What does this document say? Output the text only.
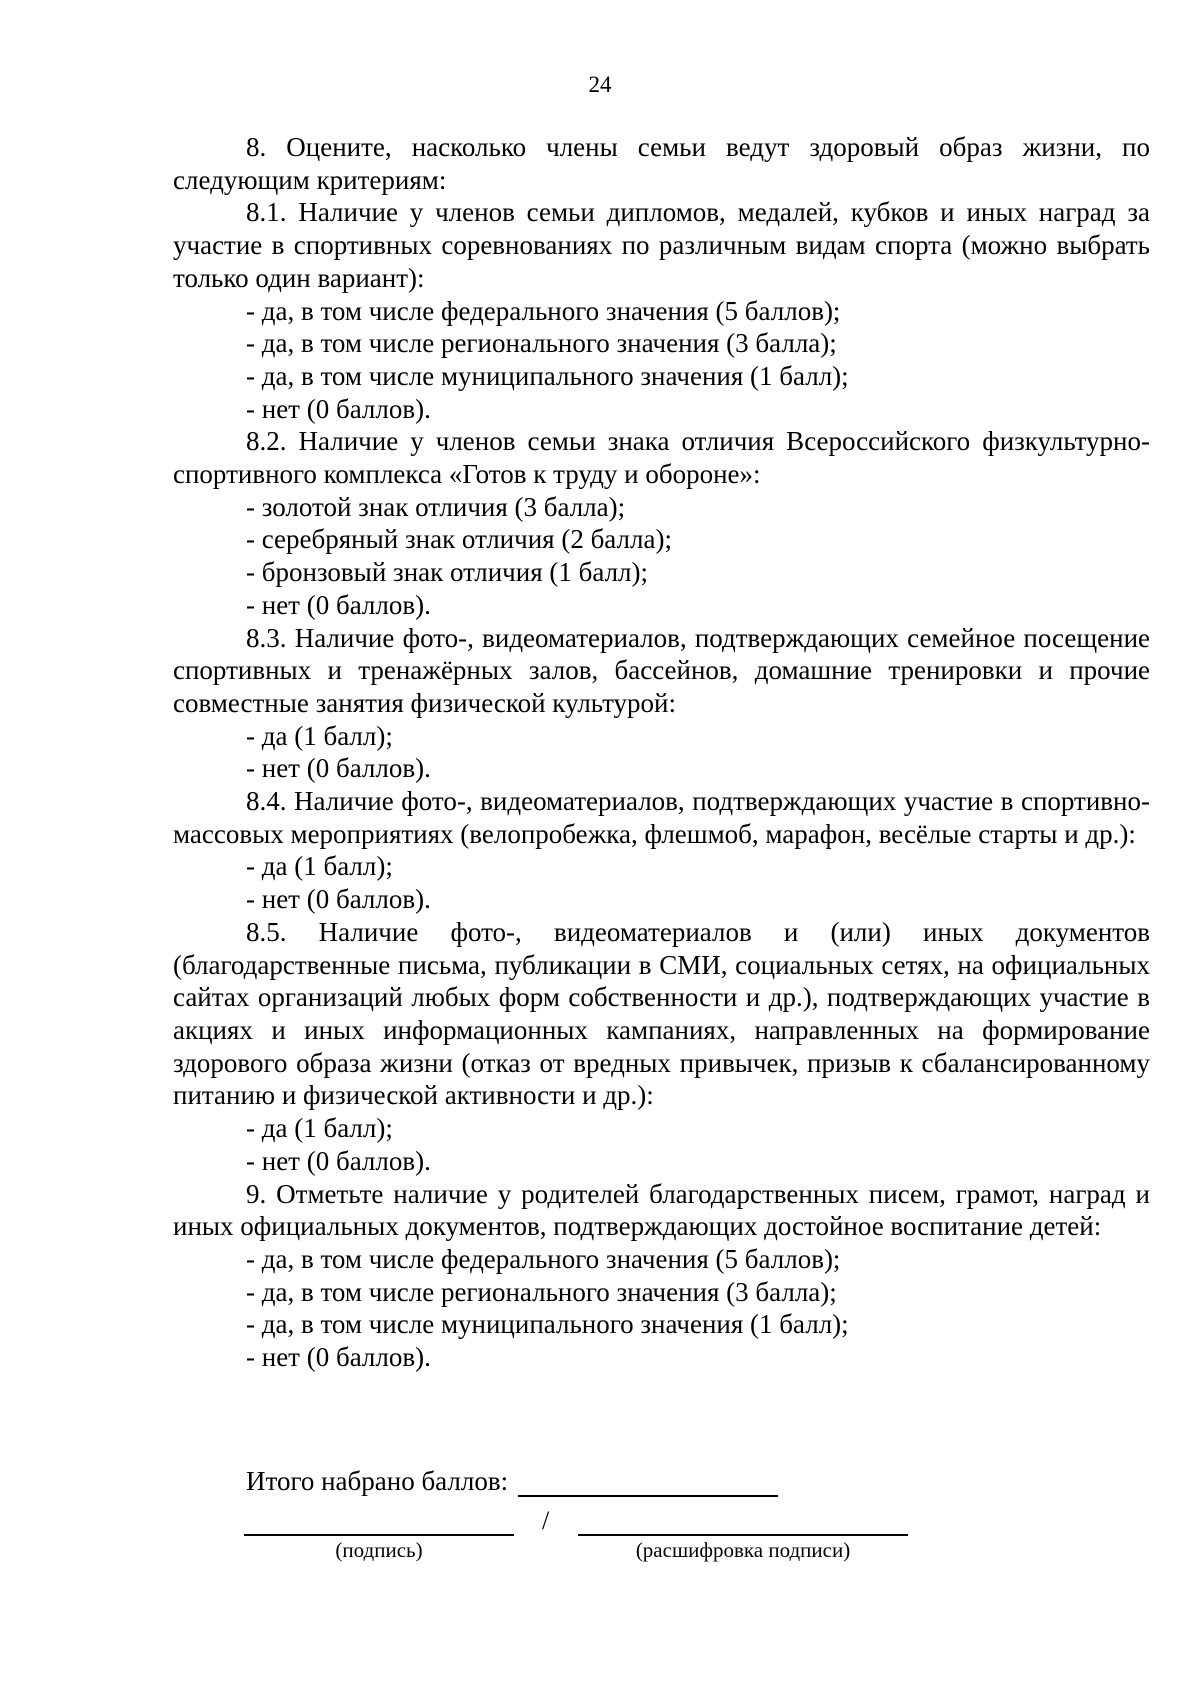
24

8. Оцените, насколько члены семьи ведут здоровый образ жизни, по следующим критериям:

8.1. Наличие у членов семьи дипломов, медалей, кубков и иных наград за участие в спортивных соревнованиях по различным видам спорта (можно выбрать только один вариант):

- да, в том числе федерального значения (5 баллов);

- да, в том числе регионального значения (3 балла);

- да, в том числе муниципального значения (1 балл);

- нет (0 баллов).

8.2. Наличие у членов семьи знака отличия Всероссийского физкультурно-спортивного комплекса «Готов к труду и обороне»:

- золотой знак отличия (3 балла);

- серебряный знак отличия (2 балла);

- бронзовый знак отличия (1 балл);

- нет (0 баллов).

8.3. Наличие фото-, видеоматериалов, подтверждающих семейное посещение спортивных и тренажёрных залов, бассейнов, домашние тренировки и прочие совместные занятия физической культурой:

- да (1 балл);

- нет (0 баллов).

8.4. Наличие фото-, видеоматериалов, подтверждающих участие в спортивно-массовых мероприятиях (велопробежка, флешмоб, марафон, весёлые старты и др.):

- да (1 балл);

- нет (0 баллов).

8.5. Наличие фото-, видеоматериалов и (или) иных документов (благодарственные письма, публикации в СМИ, социальных сетях, на официальных сайтах организаций любых форм собственности и др.), подтверждающих участие в акциях и иных информационных кампаниях, направленных на формирование здорового образа жизни (отказ от вредных привычек, призыв к сбалансированному питанию и физической активности и др.):

- да (1 балл);

- нет (0 баллов).

9. Отметьте наличие у родителей благодарственных писем, грамот, наград и иных официальных документов, подтверждающих достойное воспитание детей:

- да, в том числе федерального значения (5 баллов);

- да, в том числе регионального значения (3 балла);

- да, в том числе муниципального значения (1 балл);

- нет (0 баллов).

Итого набрано баллов:
/
(подпись)	(расшифровка подписи)
